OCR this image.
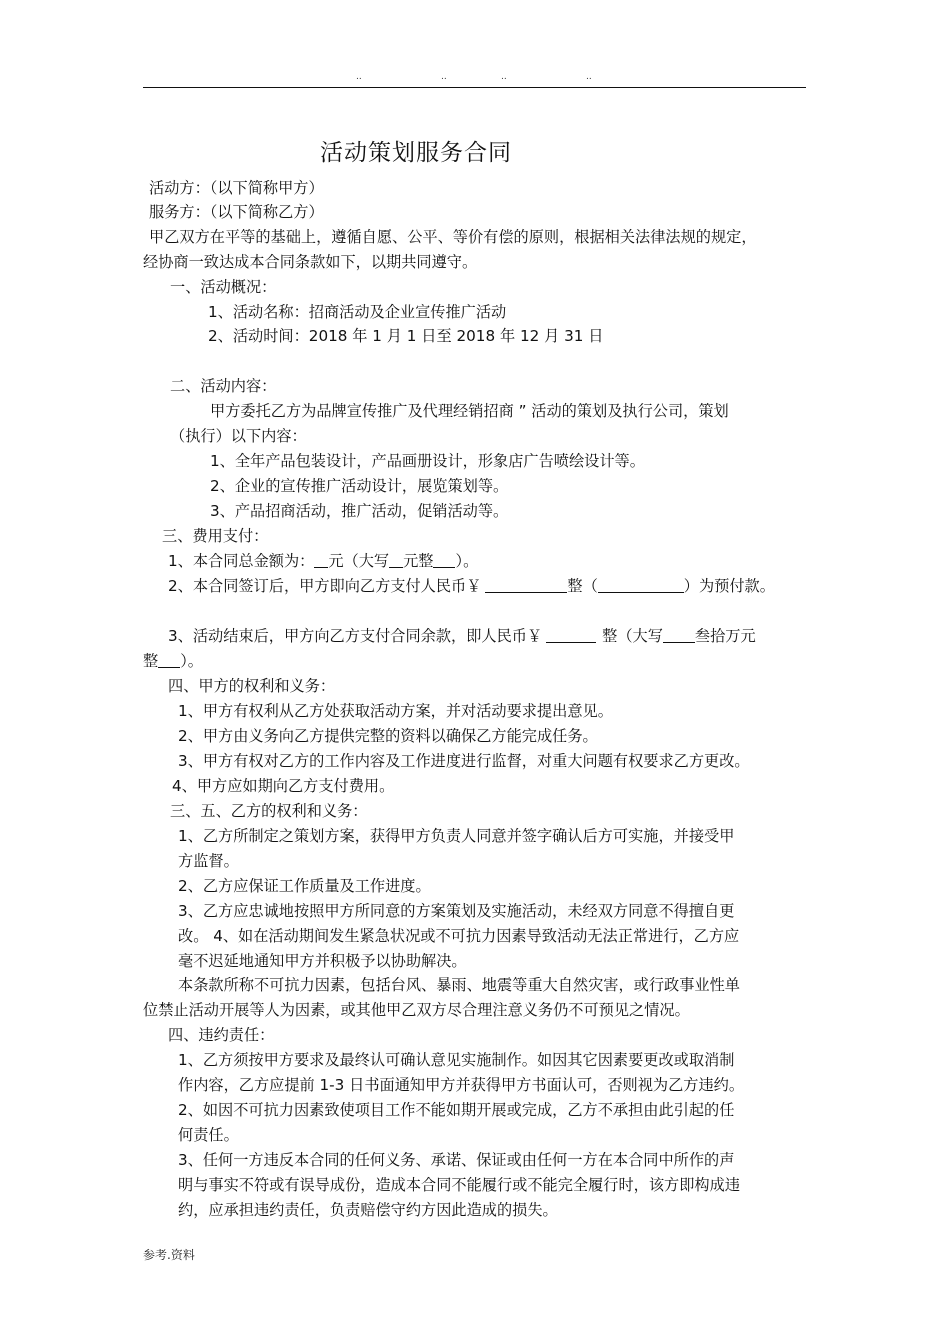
..	..	..	..
活动策划服务合同
活动方：（以下简称甲方）
服务方：（以下简称乙方）
甲乙双方在平等的基础上，遵循自愿、公平、等价有偿的原则，根据相关法律法规的规定，
经协商一致达成本合同条款如下，以期共同遵守。
一、活动概况：
1、活动名称：招商活动及企业宣传推广活动
2、活动时间：2018 年 1 月 1 日至 2018 年 12 月 31 日
二、活动内容：
甲方委托乙方为品牌宣传推广及代理经销招商 ” 活动的策划及执行公司，策划
（执行）以下内容：
1、全年产品包装设计，产品画册设计，形象店广告喷绘设计等。
2、企业的宣传推广活动设计，展览策划等。
3、产品招商活动，推广活动，促销活动等。
三、费用支付：
1、本合同总金额为： 元（大写 元整 ）。
2、本合同签订后，甲方即向乙方支付人民币￥	整（	）为预付款。
3、活动结束后，甲方向乙方支付合同余款，即人民币￥	整（大写 叁拾万元
整 ）。
四、甲方的权利和义务：
1、甲方有权利从乙方处获取活动方案，并对活动要求提出意见。
2、甲方由义务向乙方提供完整的资料以确保乙方能完成任务。
3、甲方有权对乙方的工作内容及工作进度进行监督，对重大问题有权要求乙方更改。
4、甲方应如期向乙方支付费用。
三、五、乙方的权利和义务：
1、乙方所制定之策划方案，获得甲方负责人同意并签字确认后方可实施，并接受甲
方监督。
2、乙方应保证工作质量及工作进度。
3、乙方应忠诚地按照甲方所同意的方案策划及实施活动，未经双方同意不得擅自更
改。 4、如在活动期间发生紧急状况或不可抗力因素导致活动无法正常进行，乙方应
毫不迟延地通知甲方并积极予以协助解决。
本条款所称不可抗力因素，包括台风、暴雨、地震等重大自然灾害，或行政事业性单
位禁止活动开展等人为因素，或其他甲乙双方尽合理注意义务仍不可预见之情况。
四、违约责任：
1、乙方须按甲方要求及最终认可确认意见实施制作。如因其它因素要更改或取消制
作内容，乙方应提前 1-3 日书面通知甲方并获得甲方书面认可，否则视为乙方违约。
2、如因不可抗力因素致使项目工作不能如期开展或完成，乙方不承担由此引起的任
何责任。
3、任何一方违反本合同的任何义务、承诺、保证或由任何一方在本合同中所作的声
明与事实不符或有误导成份，造成本合同不能履行或不能完全履行时，该方即构成违
约，应承担违约责任，负责赔偿守约方因此造成的损失。
参考.资料
